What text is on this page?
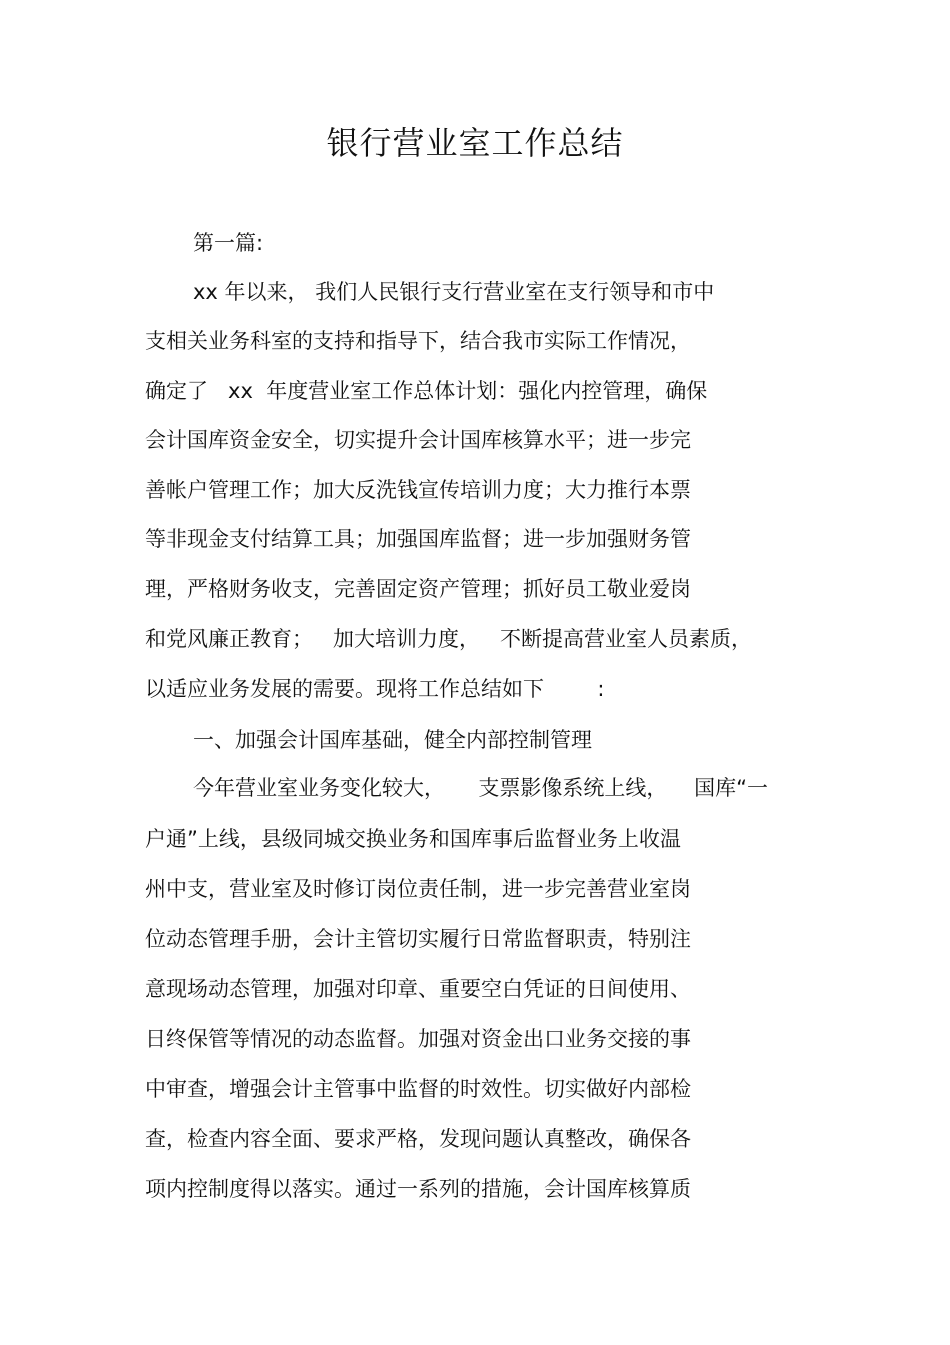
银行营业室工作总结
第一篇:
xx 年以来， 我们人民银行支行营业室在支行领导和市中
支相关业务科室的支持和指导下，结合我市实际工作情况，
确定了   xx  年度营业室工作总体计划：强化内控管理，确保
会计国库资金安全，切实提升会计国库核算水平；进一步完
善帐户管理工作；加大反洗钱宣传培训力度；大力推行本票
等非现金支付结算工具；加强国库监督；进一步加强财务管
理，严格财务收支，完善固定资产管理；抓好员工敬业爱岗
和党风廉正教育；   加大培训力度，   不断提高营业室人员素质，
以适应业务发展的需要。现将工作总结如下        :
一、加强会计国库基础，健全内部控制管理
今年营业室业务变化较大，     支票影像系统上线，    国库“一
户通”上线，县级同城交换业务和国库事后监督业务上收温
州中支，营业室及时修订岗位责任制，进一步完善营业室岗
位动态管理手册，会计主管切实履行日常监督职责，特别注
意现场动态管理，加强对印章、重要空白凭证的日间使用、
日终保管等情况的动态监督。加强对资金出口业务交接的事
中审查，增强会计主管事中监督的时效性。切实做好内部检
查，检查内容全面、要求严格，发现问题认真整改，确保各
项内控制度得以落实。通过一系列的措施，会计国库核算质
